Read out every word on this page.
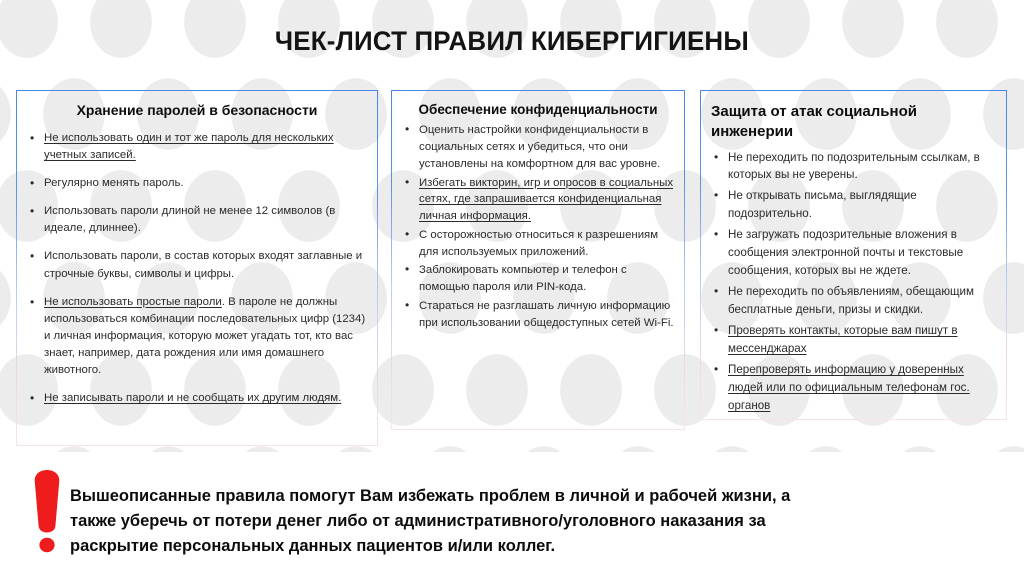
ЧЕК-ЛИСТ ПРАВИЛ КИБЕРГИГИЕНЫ
Хранение паролей в безопасности
• Не использовать один и тот же пароль для нескольких учетных записей.
• Регулярно менять пароль.
• Использовать пароли длиной не менее 12 символов (в идеале, длиннее).
• Использовать пароли, в состав которых входят заглавные и строчные буквы, символы и цифры.
• Не использовать простые пароли. В пароле не должны использоваться комбинации последовательных цифр (1234) и личная информация, которую может угадать тот, кто вас знает, например, дата рождения или имя домашнего животного.
• Не записывать пароли и не сообщать их другим людям.
Обеспечение конфиденциальности
• Оценить настройки конфиденциальности в социальных сетях и убедиться, что они установлены на комфортном для вас уровне.
• Избегать викторин, игр и опросов в социальных сетях, где запрашивается конфиденциальная личная информация.
• С осторожностью относиться к разрешениям для используемых приложений.
• Заблокировать компьютер и телефон с помощью пароля или PIN-кода.
• Стараться не разглашать личную информацию при использовании общедоступных сетей Wi-Fi.
Защита от атак социальной инженерии
• Не переходить по подозрительным ссылкам, в которых вы не уверены.
• Не открывать письма, выглядящие подозрительно.
• Не загружать подозрительные вложения в сообщения электронной почты и текстовые сообщения, которых вы не ждете.
• Не переходить по объявлениям, обещающим бесплатные деньги, призы и скидки.
• Проверять контакты, которые вам пишут в мессенджарах
• Перепроверять информацию у доверенных людей или по официальным телефонам гос. органов

Вышеописанные правила помогут Вам избежать проблем в личной и рабочей жизни, а также уберечь от потери денег либо от административного/уголовного наказания за раскрытие персональных данных пациентов и/или коллег.
